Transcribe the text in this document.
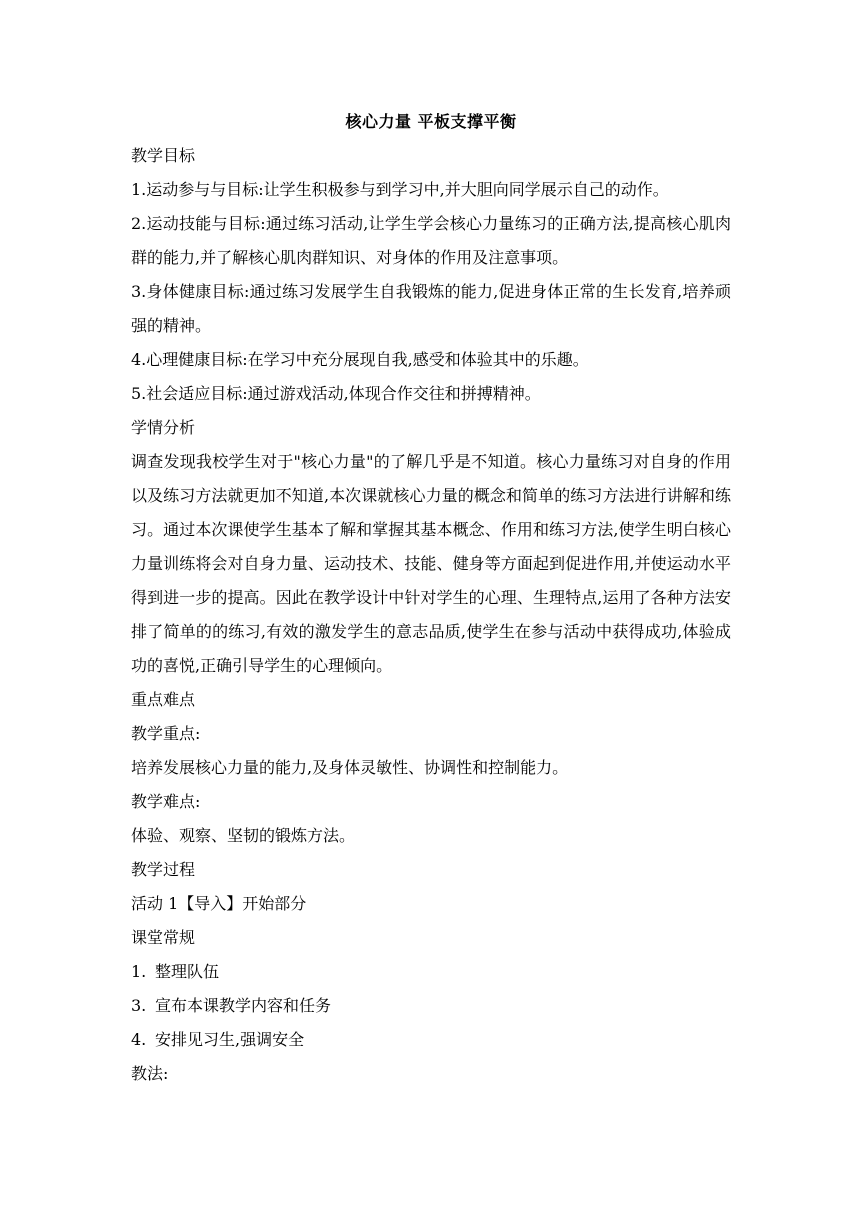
核心力量 平板支撑平衡

教学目标

1.运动参与与目标:让学生积极参与到学习中,并大胆向同学展示自己的动作。

2.运动技能与目标:通过练习活动,让学生学会核心力量练习的正确方法,提高核心肌肉群的能力,并了解核心肌肉群知识、对身体的作用及注意事项。

3.身体健康目标:通过练习发展学生自我锻炼的能力,促进身体正常的生长发育,培养顽强的精神。

4.心理健康目标:在学习中充分展现自我,感受和体验其中的乐趣。

5.社会适应目标:通过游戏活动,体现合作交往和拼搏精神。

学情分析

调查发现我校学生对于"核心力量"的了解几乎是不知道。核心力量练习对自身的作用以及练习方法就更加不知道,本次课就核心力量的概念和简单的练习方法进行讲解和练习。通过本次课使学生基本了解和掌握其基本概念、作用和练习方法,使学生明白核心力量训练将会对自身力量、运动技术、技能、健身等方面起到促进作用,并使运动水平得到进一步的提高。因此在教学设计中针对学生的心理、生理特点,运用了各种方法安排了简单的的练习,有效的激发学生的意志品质,使学生在参与活动中获得成功,体验成功的喜悦,正确引导学生的心理倾向。

重点难点

教学重点:

培养发展核心力量的能力,及身体灵敏性、协调性和控制能力。

教学难点:

体验、观察、坚韧的锻炼方法。

教学过程

活动 1【导入】开始部分

课堂常规

1. 整理队伍

3. 宣布本课教学内容和任务

4. 安排见习生,强调安全

教法:
